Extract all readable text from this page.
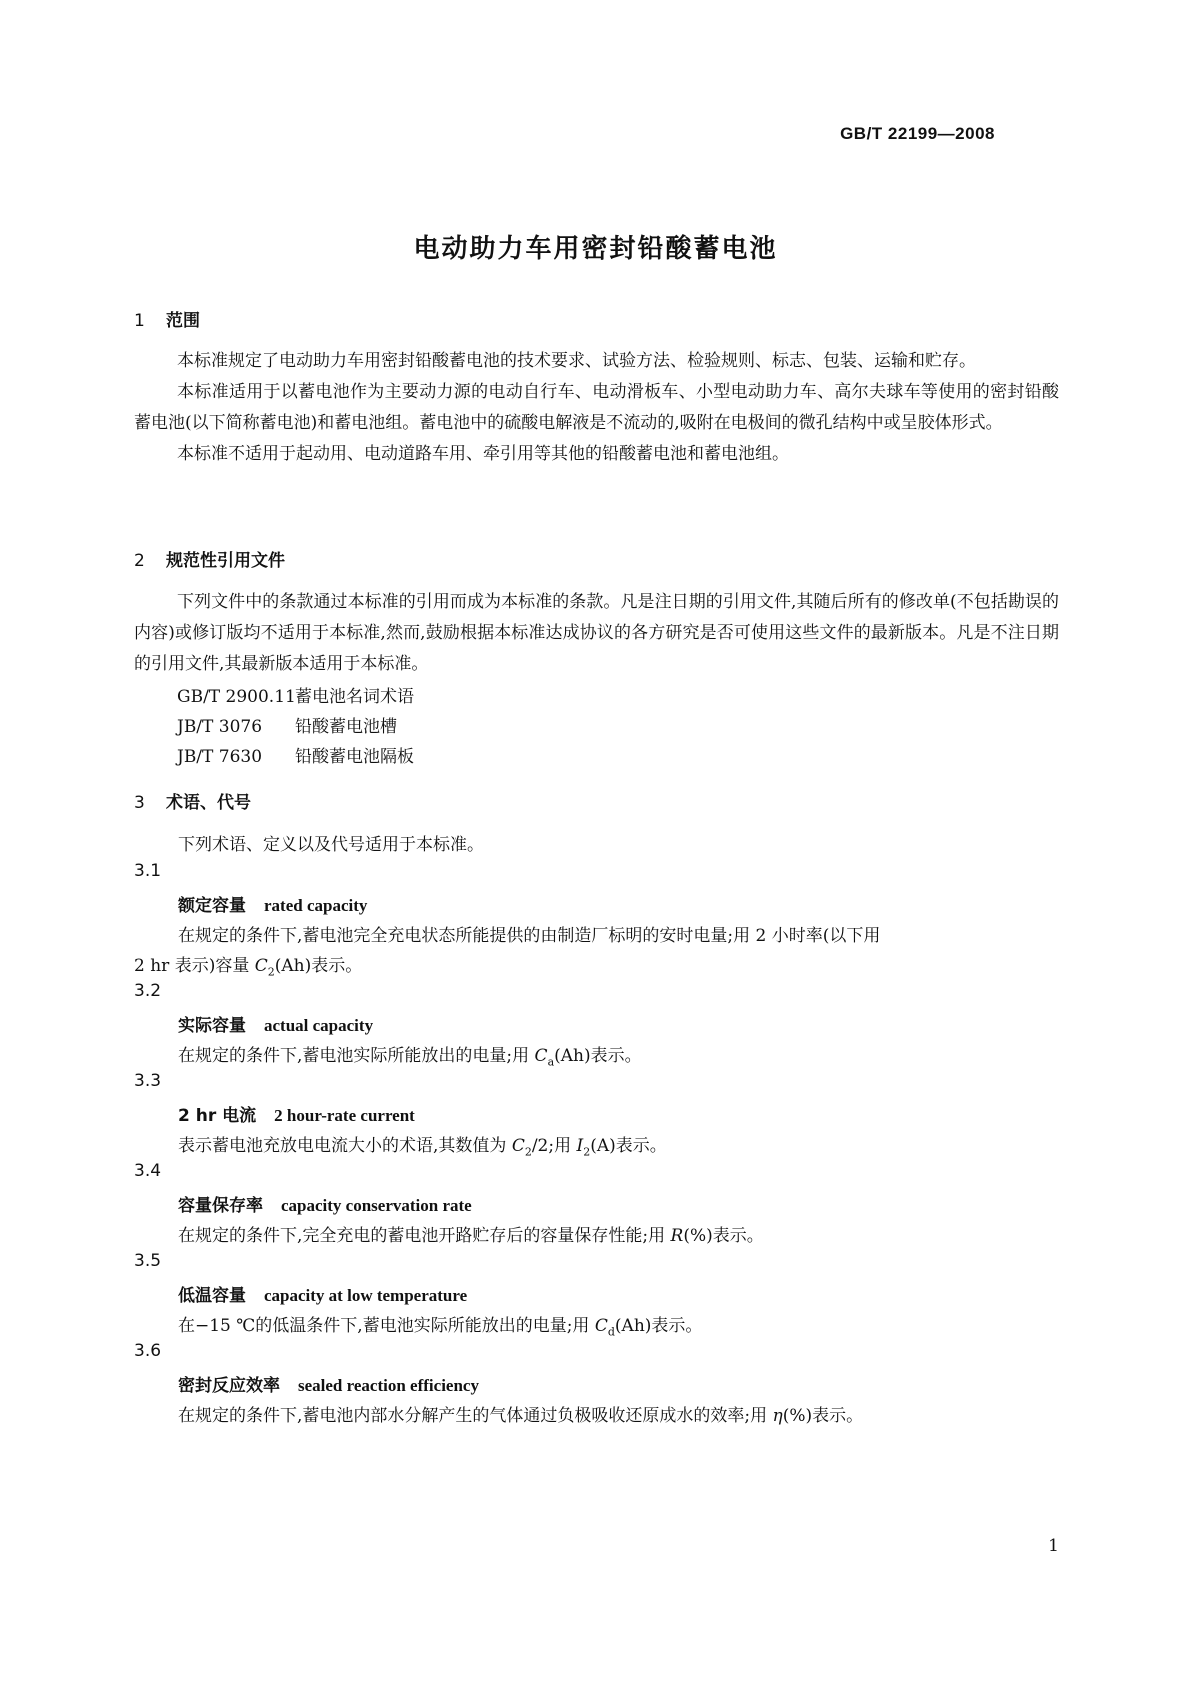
GB/T 22199—2008
电动助力车用密封铅酸蓄电池
1 范围
本标准规定了电动助力车用密封铅酸蓄电池的技术要求、试验方法、检验规则、标志、包装、运输和贮存。
本标准适用于以蓄电池作为主要动力源的电动自行车、电动滑板车、小型电动助力车、高尔夫球车等使用的密封铅酸蓄电池(以下简称蓄电池)和蓄电池组。蓄电池中的硫酸电解液是不流动的,吸附在电极间的微孔结构中或呈胶体形式。
本标准不适用于起动用、电动道路车用、牵引用等其他的铅酸蓄电池和蓄电池组。
2 规范性引用文件
下列文件中的条款通过本标准的引用而成为本标准的条款。凡是注日期的引用文件,其随后所有的修改单(不包括勘误的内容)或修订版均不适用于本标准,然而,鼓励根据本标准达成协议的各方研究是否可使用这些文件的最新版本。凡是不注日期的引用文件,其最新版本适用于本标准。
GB/T 2900.11蓄电池名词术语
JB/T 3076 铅酸蓄电池槽
JB/T 7630 铅酸蓄电池隔板
3 术语、代号
下列术语、定义以及代号适用于本标准。
3.1
额定容量 rated capacity
在规定的条件下,蓄电池完全充电状态所能提供的由制造厂标明的安时电量;用 2 小时率(以下用
2 hr 表示)容量 $C_2(Ah)$表示。
3.2
实际容量 actual capacity
在规定的条件下,蓄电池实际所能放出的电量;用 $C_a(Ah)$表示。
3.3
2 hr 电流 2 hour-rate current
表示蓄电池充放电电流大小的术语,其数值为 $C_2/2$;用 $I_2(A)$表示。
3.4
容量保存率 capacity conservation rate
在规定的条件下,完全充电的蓄电池开路贮存后的容量保存性能;用 R(%)表示。
3.5
低温容量 capacity at low temperature
在−15 ℃的低温条件下,蓄电池实际所能放出的电量;用 $C_d(Ah)$表示。
3.6
密封反应效率 sealed reaction efficiency
在规定的条件下,蓄电池内部水分解产生的气体通过负极吸收还原成水的效率;用 η(%)表示。
1
